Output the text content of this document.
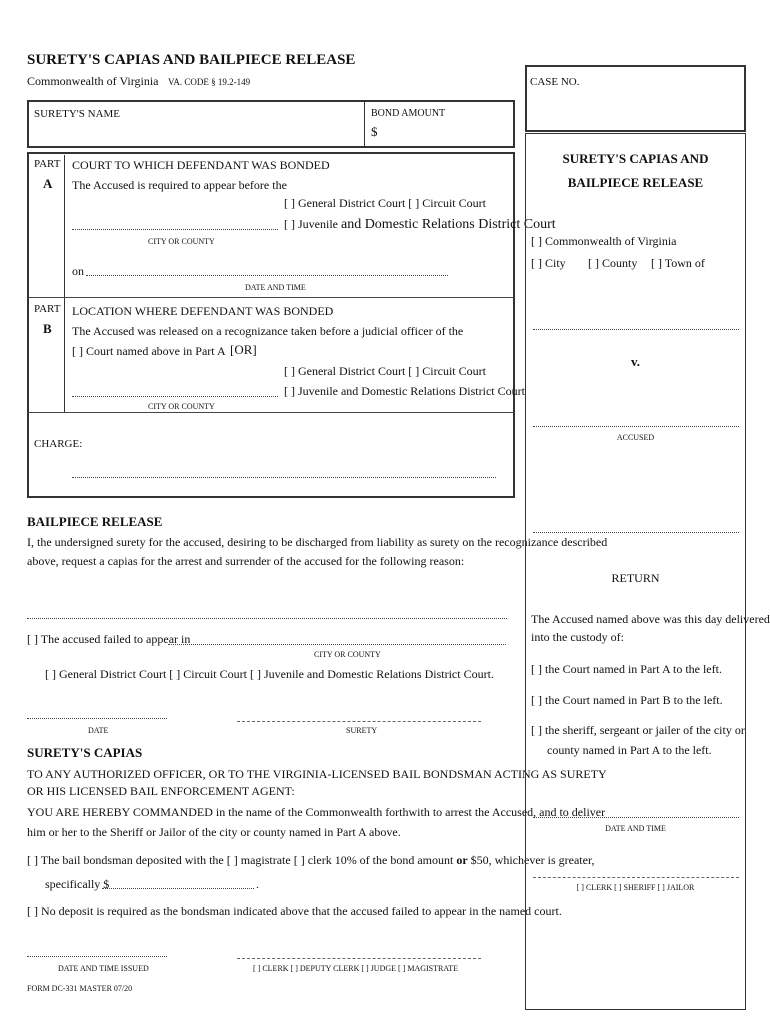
SURETY'S CAPIAS AND BAILPIECE RELEASE
Commonwealth of Virginia VA. CODE § 19.2-149
SURETY'S NAME	BOND AMOUNT
$
PART
A
COURT TO WHICH DEFENDANT WAS BONDED
The Accused is required to appear before the
[ ] General District Court [ ] Circuit Court
[ ] Juvenile and Domestic Relations District Court
CITY OR COUNTY
on
DATE AND TIME
PART
B
LOCATION WHERE DEFENDANT WAS BONDED
The Accused was released on a recognizance taken before a judicial officer of the
[ ] Court named above in Part A [OR]
[ ] General District Court [ ] Circuit Court
[ ] Juvenile and Domestic Relations District Court
CITY OR COUNTY
CHARGE:
BAILPIECE RELEASE
I, the undersigned surety for the accused, desiring to be discharged from liability as surety on the recognizance described
above, request a capias for the arrest and surrender of the accused for the following reason:
[ ] The accused failed to appear in
CITY OR COUNTY
[ ] General District Court [ ] Circuit Court [ ] Juvenile and Domestic Relations District Court.
DATE	SURETY
SURETY'S CAPIAS
TO ANY AUTHORIZED OFFICER, OR TO THE VIRGINIA-LICENSED BAIL BONDSMAN ACTING AS SURETY
OR HIS LICENSED BAIL ENFORCEMENT AGENT:
YOU ARE HEREBY COMMANDED in the name of the Commonwealth forthwith to arrest the Accused, and to deliver
him or her to the Sheriff or Jailor of the city or county named in Part A above.
[ ] The bail bondsman deposited with the [ ] magistrate [ ] clerk 10% of the bond amount or $50, whichever is greater,
specifically $	.
[ ] No deposit is required as the bondsman indicated above that the accused failed to appear in the named court.
DATE AND TIME ISSUED	[ ] CLERK [ ] DEPUTY CLERK [ ] JUDGE [ ] MAGISTRATE
FORM DC-331 MASTER 07/20
CASE NO.
SURETY'S CAPIAS AND
BAILPIECE RELEASE
[ ] Commonwealth of Virginia
[ ] City [ ] County [ ] Town of
v.
ACCUSED
RETURN
The Accused named above was this day delivered
into the custody of:
[ ] the Court named in Part A to the left.
[ ] the Court named in Part B to the left.
[ ] the sheriff, sergeant or jailer of the city or
county named in Part A to the left.
DATE AND TIME
[ ] CLERK [ ] SHERIFF [ ] JAILOR
